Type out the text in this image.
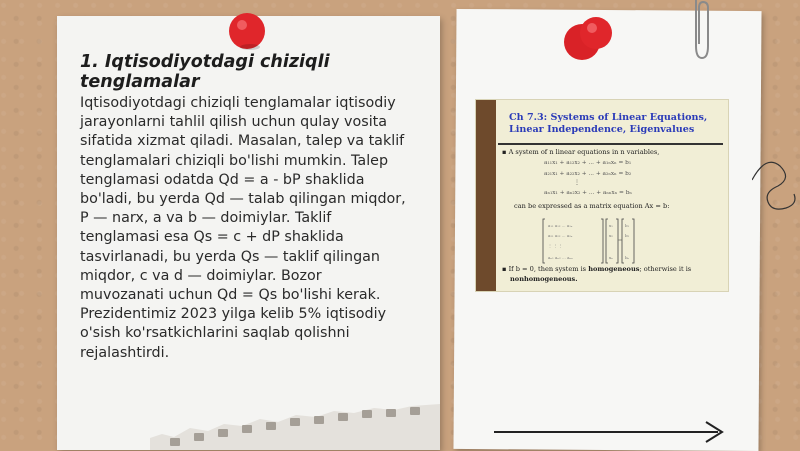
1. Iqtisodiyotdagi chiziqli tenglamalar
Iqtisodiyotdagi chiziqli tenglamalar iqtisodiy
jarayonlarni tahlil qilish uchun qulay vosita
sifatida xizmat qiladi. Masalan, talep va taklif
tenglamalari chiziqli bo'lishi mumkin. Talep
tenglamasi odatda Qd = a - bP shaklida
bo'ladi, bu yerda Qd — talab qilingan miqdor,
P — narx, a va b — doimiylar. Taklif
tenglamasi esa Qs = c + dP shaklida
tasvirlanadi, bu yerda Qs — taklif qilingan
miqdor, c va d — doimiylar. Bozor
muvozanati uchun Qd = Qs bo'lishi kerak.
Prezidentimiz 2023 yilga kelib 5% iqtisodiy
o'sish ko'rsatkichlarini saqlab qolishni
rejalashtirdi.
Ch 7.3: Systems of Linear Equations,
Linear Independence, Eigenvalues
▪ A system of n linear equations in n variables,
a₁₁x₁ + a₁₂x₂ + ... + a₁ₙxₙ = b₁
a₂₁x₁ + a₂₂x₂ + ... + a₂ₙxₙ = b₂
⋮
aₙ₁x₁ + aₙ₂x₂ + ... + aₙₙxₙ = bₙ
can be expressed as a matrix equation Ax = b:
a₁₁ a₁₂ ... a₁ₙ
a₂₁ a₂₂ ... a₂ₙ
⋮ ⋮ ⋮
aₙ₁ aₙ₂ ... aₙₙ
x₁
x₂
xₙ
b₁
b₂
bₙ
=
▪ If b = 0, then system is homogeneous; otherwise it is
nonhomogeneous.
